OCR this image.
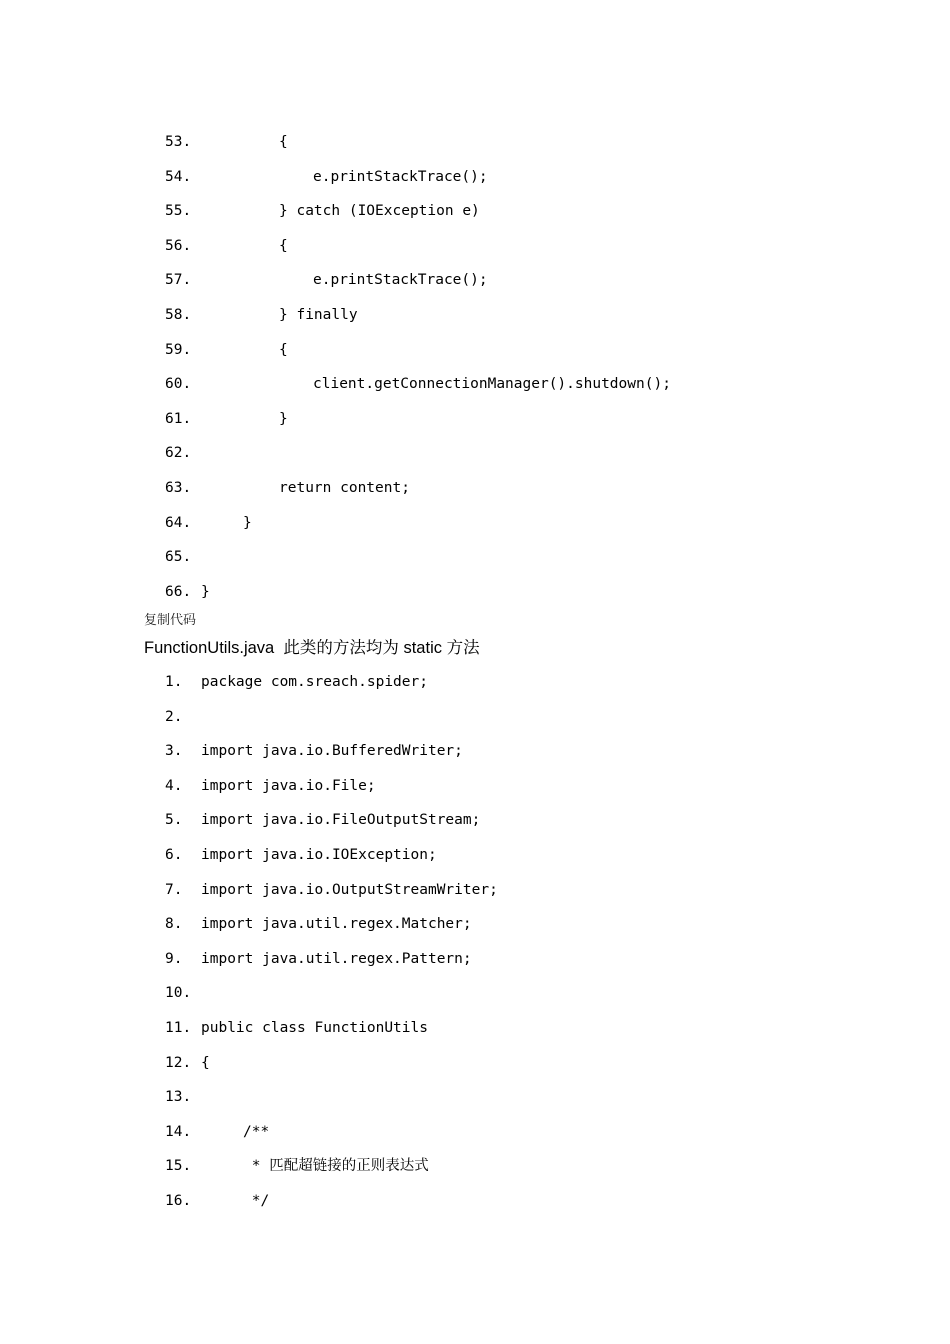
53.	{
54.	e.printStackTrace();
55.	} catch (IOException e)
56.	{
57.	e.printStackTrace();
58.	} finally
59.	{
60.	client.getConnectionManager().shutdown();
61.	}
62.
63.	return content;
64.	}
65.
66. }
复制代码
FunctionUtils.java  此类的方法均为 static 方法
1.	package com.sreach.spider;
2.
3.	import java.io.BufferedWriter;
4.	import java.io.File;
5.	import java.io.FileOutputStream;
6.	import java.io.IOException;
7.	import java.io.OutputStreamWriter;
8.	import java.util.regex.Matcher;
9.	import java.util.regex.Pattern;
10.
11. public class FunctionUtils
12. {
13.
14.	/**
15.	* 匹配超链接的正则表达式
16.	*/
